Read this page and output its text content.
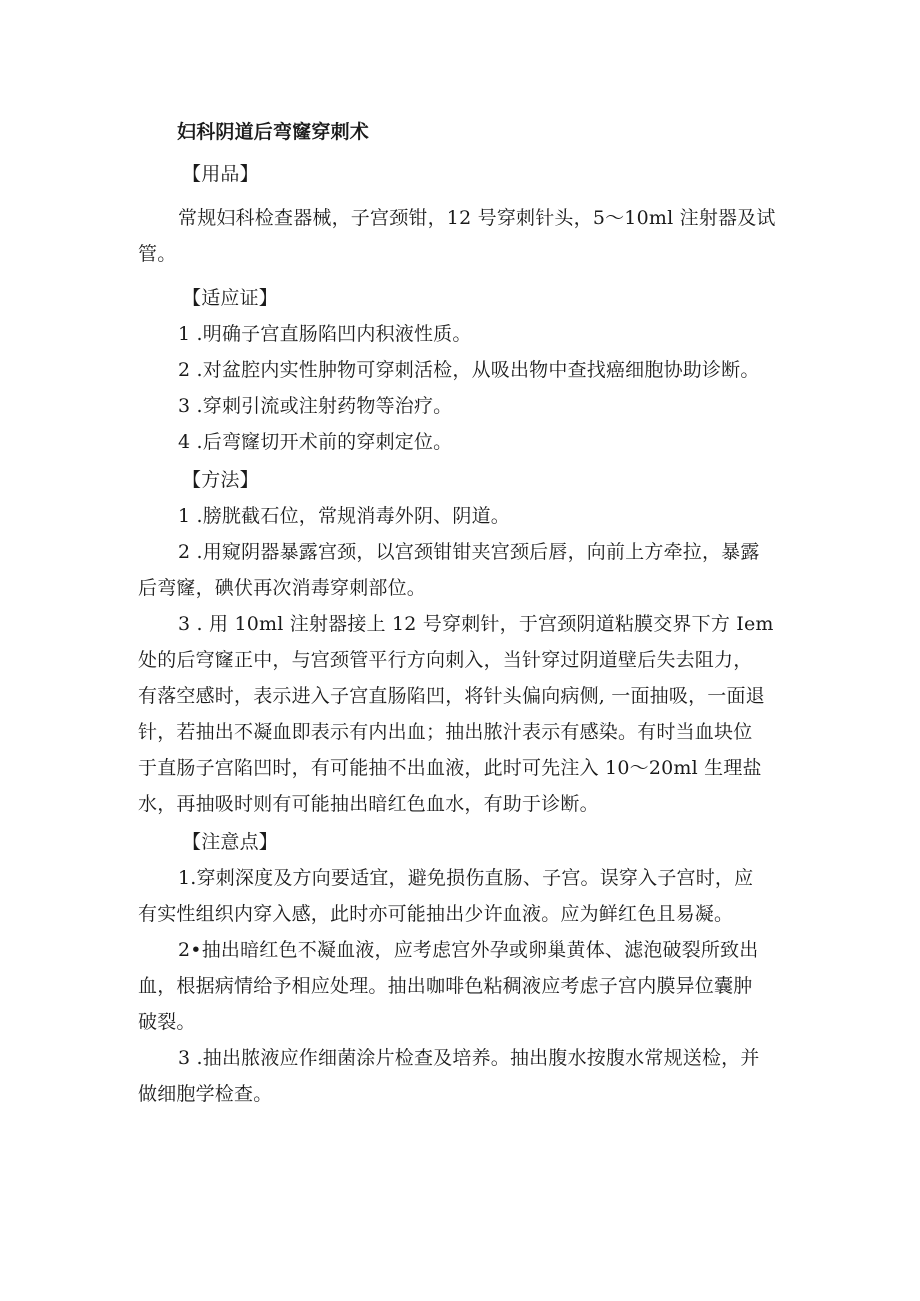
妇科阴道后弯窿穿刺术
【用品】
常规妇科检查器械，子宫颈钳，12 号穿刺针头，5～10ml 注射器及试
管。
【适应证】
1 .明确子宫直肠陷凹内积液性质。
2 .对盆腔内实性肿物可穿刺活检，从吸出物中查找癌细胞协助诊断。
3 .穿刺引流或注射药物等治疗。
4 .后弯窿切开术前的穿刺定位。
【方法】
1 .膀胱截石位，常规消毒外阴、阴道。
2 .用窥阴器暴露宫颈，以宫颈钳钳夹宫颈后唇，向前上方牵拉，暴露
后弯窿，碘伏再次消毒穿刺部位。
3 . 用 10ml 注射器接上 12 号穿刺针，于宫颈阴道粘膜交界下方 Iem
处的后穹窿正中，与宫颈管平行方向刺入，当针穿过阴道壁后失去阻力，
有落空感时，表示进入子宫直肠陷凹，将针头偏向病侧, 一面抽吸，一面退
针，若抽出不凝血即表示有内出血；抽出脓汁表示有感染。有时当血块位
于直肠子宫陷凹时，有可能抽不出血液，此时可先注入 10～20ml 生理盐
水，再抽吸时则有可能抽出暗红色血水，有助于诊断。
【注意点】
1.穿刺深度及方向要适宜，避免损伤直肠、子宫。误穿入子宫时，应
有实性组织内穿入感，此时亦可能抽出少许血液。应为鲜红色且易凝。
2•抽出暗红色不凝血液，应考虑宫外孕或卵巢黄体、滤泡破裂所致出
血，根据病情给予相应处理。抽出咖啡色粘稠液应考虑子宫内膜异位囊肿
破裂。
3 .抽出脓液应作细菌涂片检查及培养。抽出腹水按腹水常规送检，并
做细胞学检查。
